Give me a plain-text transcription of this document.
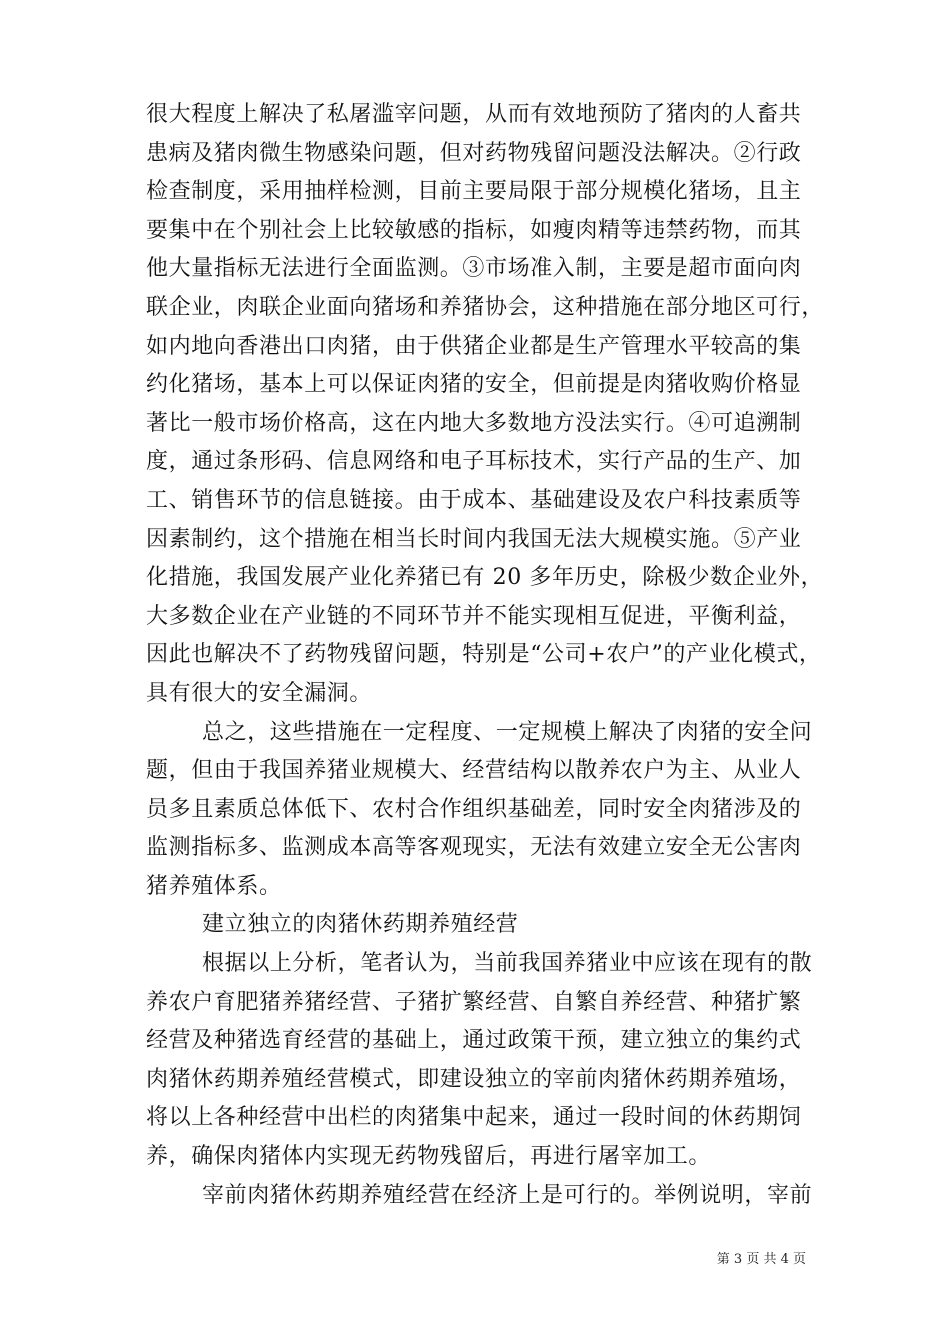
很大程度上解决了私屠滥宰问题，从而有效地预防了猪肉的人畜共
患病及猪肉微生物感染问题，但对药物残留问题没法解决。②行政
检查制度，采用抽样检测，目前主要局限于部分规模化猪场，且主
要集中在个别社会上比较敏感的指标，如瘦肉精等违禁药物，而其
他大量指标无法进行全面监测。③市场准入制，主要是超市面向肉
联企业，肉联企业面向猪场和养猪协会，这种措施在部分地区可行，
如内地向香港出口肉猪，由于供猪企业都是生产管理水平较高的集
约化猪场，基本上可以保证肉猪的安全，但前提是肉猪收购价格显
著比一般市场价格高，这在内地大多数地方没法实行。④可追溯制
度，通过条形码、信息网络和电子耳标技术，实行产品的生产、加
工、销售环节的信息链接。由于成本、基础建设及农户科技素质等
因素制约，这个措施在相当长时间内我国无法大规模实施。⑤产业
化措施，我国发展产业化养猪已有 20 多年历史，除极少数企业外，
大多数企业在产业链的不同环节并不能实现相互促进，平衡利益，
因此也解决不了药物残留问题，特别是“公司+农户”的产业化模式，
具有很大的安全漏洞。
总之，这些措施在一定程度、一定规模上解决了肉猪的安全问
题，但由于我国养猪业规模大、经营结构以散养农户为主、从业人
员多且素质总体低下、农村合作组织基础差，同时安全肉猪涉及的
监测指标多、监测成本高等客观现实，无法有效建立安全无公害肉
猪养殖体系。
建立独立的肉猪休药期养殖经营
根据以上分析，笔者认为，当前我国养猪业中应该在现有的散
养农户育肥猪养猪经营、子猪扩繁经营、自繁自养经营、种猪扩繁
经营及种猪选育经营的基础上，通过政策干预，建立独立的集约式
肉猪休药期养殖经营模式，即建设独立的宰前肉猪休药期养殖场，
将以上各种经营中出栏的肉猪集中起来，通过一段时间的休药期饲
养，确保肉猪体内实现无药物残留后，再进行屠宰加工。
宰前肉猪休药期养殖经营在经济上是可行的。举例说明，宰前
第 3 页 共 4 页
